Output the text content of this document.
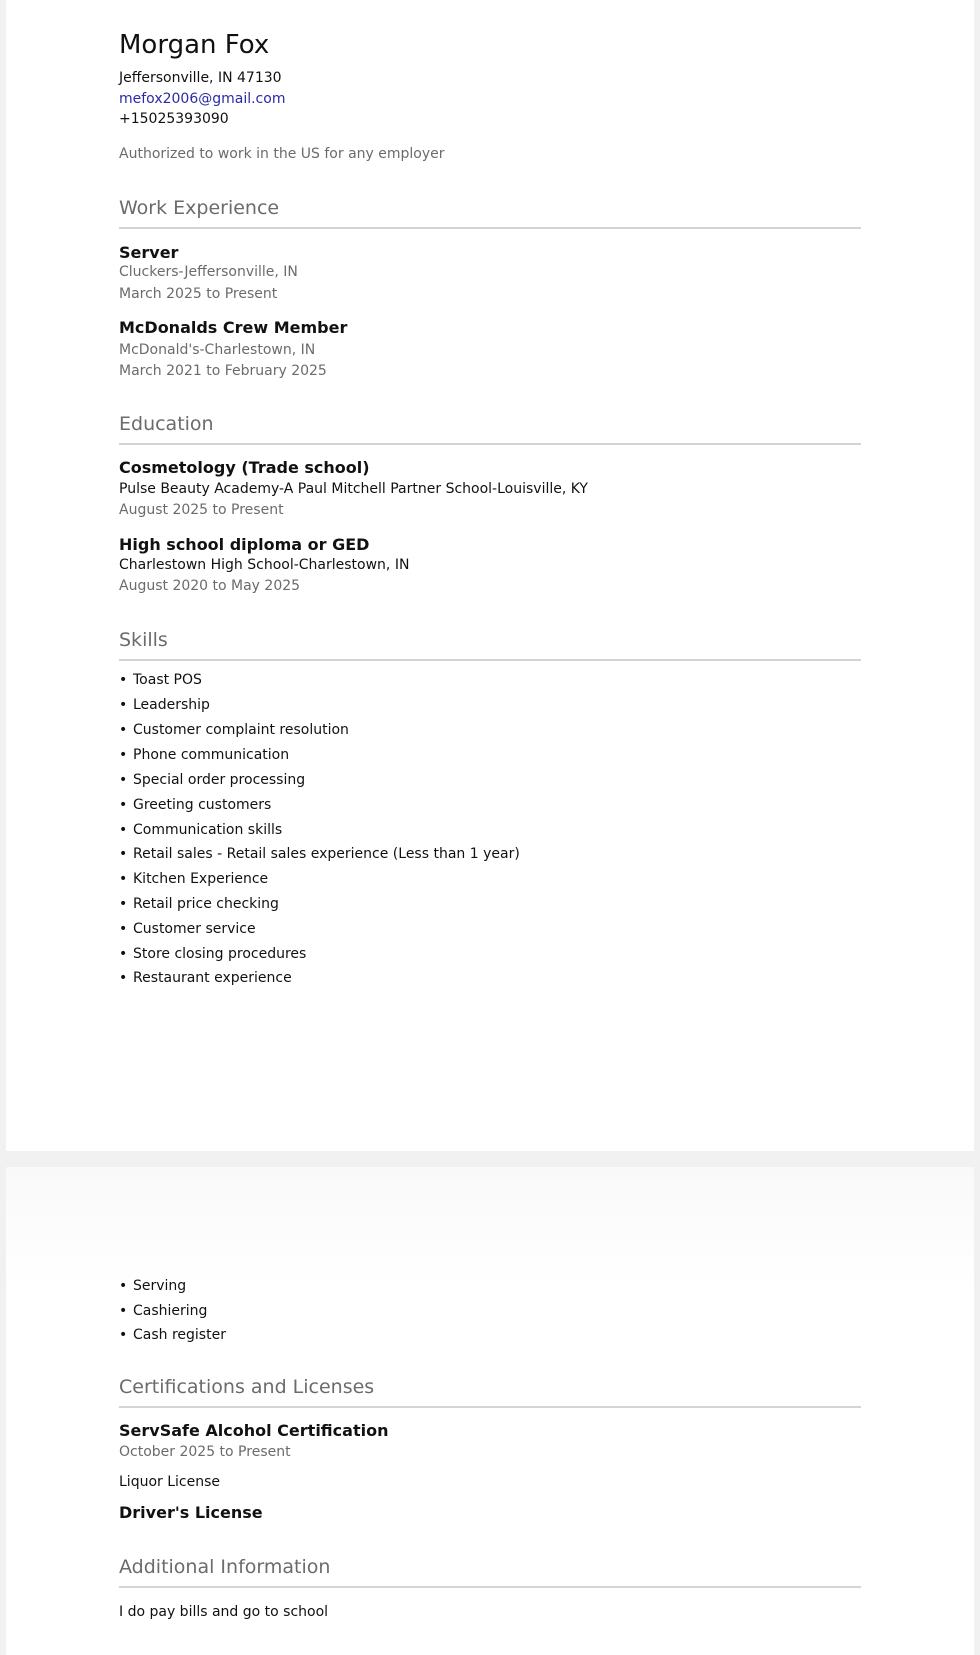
Morgan Fox
Jeffersonville, IN 47130
mefox2006@gmail.com
+15025393090
Authorized to work in the US for any employer
Work Experience
Server
Cluckers-Jeffersonville, IN
March 2025 to Present
McDonalds Crew Member
McDonald's-Charlestown, IN
March 2021 to February 2025
Education
Cosmetology (Trade school)
Pulse Beauty Academy-A Paul Mitchell Partner School-Louisville, KY
August 2025 to Present
High school diploma or GED
Charlestown High School-Charlestown, IN
August 2020 to May 2025
Skills
• Toast POS
• Leadership
• Customer complaint resolution
• Phone communication
• Special order processing
• Greeting customers
• Communication skills
• Retail sales - Retail sales experience (Less than 1 year)
• Kitchen Experience
• Retail price checking
• Customer service
• Store closing procedures
• Restaurant experience
• Serving
• Cashiering
• Cash register
Certifications and Licenses
ServSafe Alcohol Certification
October 2025 to Present
Liquor License
Driver's License
Additional Information
I do pay bills and go to school
